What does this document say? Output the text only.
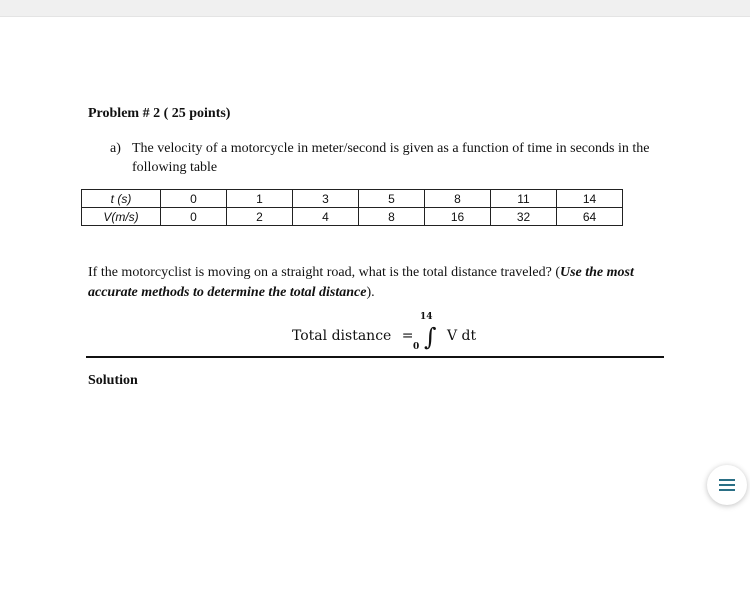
Problem # 2 ( 25 points)
a) The velocity of a motorcycle in meter/second is given as a function of time in seconds in the following table
t (s)	0	1	3	5	8	11	14
V(m/s)	0	2	4	8	16	32	64
If the motorcyclist is moving on a straight road, what is the total distance traveled? (Use the most accurate methods to determine the total distance).
Total distance = ∫
14
0
V dt
Solution
